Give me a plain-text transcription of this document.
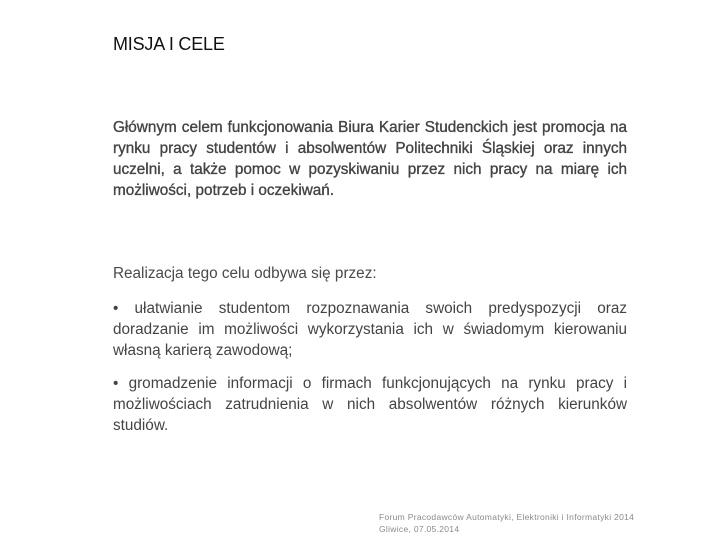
MISJA I CELE
Głównym celem funkcjonowania Biura Karier Studenckich jest promocja na rynku pracy studentów i absolwentów Politechniki Śląskiej oraz innych uczelni, a także pomoc w pozyskiwaniu przez nich pracy na miarę ich możliwości, potrzeb i oczekiwań.
Realizacja tego celu odbywa się przez:
• ułatwianie studentom rozpoznawania swoich predyspozycji oraz doradzanie im możliwości wykorzystania ich w świadomym kierowaniu własną karierą zawodową;
• gromadzenie informacji o firmach funkcjonujących na rynku pracy i możliwościach zatrudnienia w nich absolwentów różnych kierunków studiów.
Forum Pracodawców Automatyki, Elektroniki i Informatyki 2014
Gliwice, 07.05.2014
